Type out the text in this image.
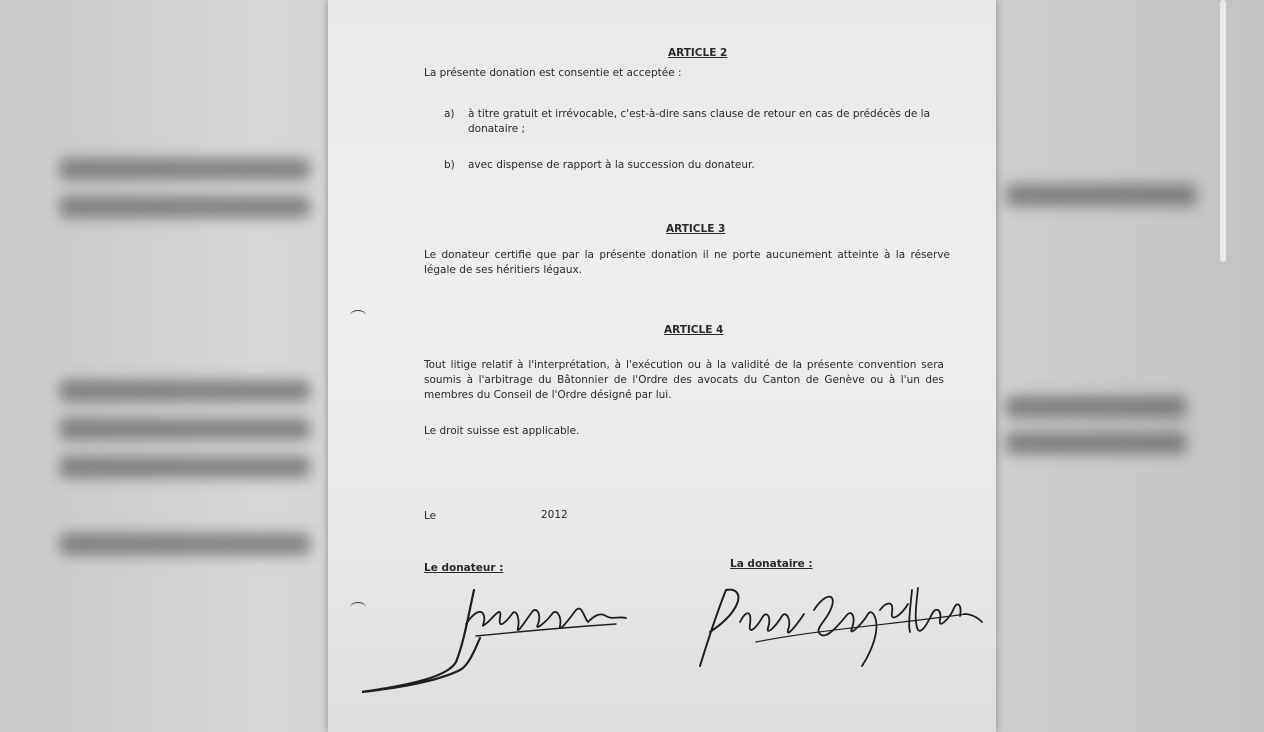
ARTICLE 2
La présente donation est consentie et acceptée :
a) à titre gratuit et irrévocable, c'est-à-dire sans clause de retour en cas de prédécès de la donataire ;
b) avec dispense de rapport à la succession du donateur.
ARTICLE 3
Le donateur certifie que par la présente donation il ne porte aucunement atteinte à la réserve légale de ses héritiers légaux.
ARTICLE 4
Tout litige relatif à l'interprétation, à l'exécution ou à la validité de la présente convention sera soumis à l'arbitrage du Bâtonnier de l'Ordre des avocats du Canton de Genève ou à l'un des membres du Conseil de l'Ordre désigné par lui.
Le droit suisse est applicable.
Le	2012
Le donateur :	La donataire :
